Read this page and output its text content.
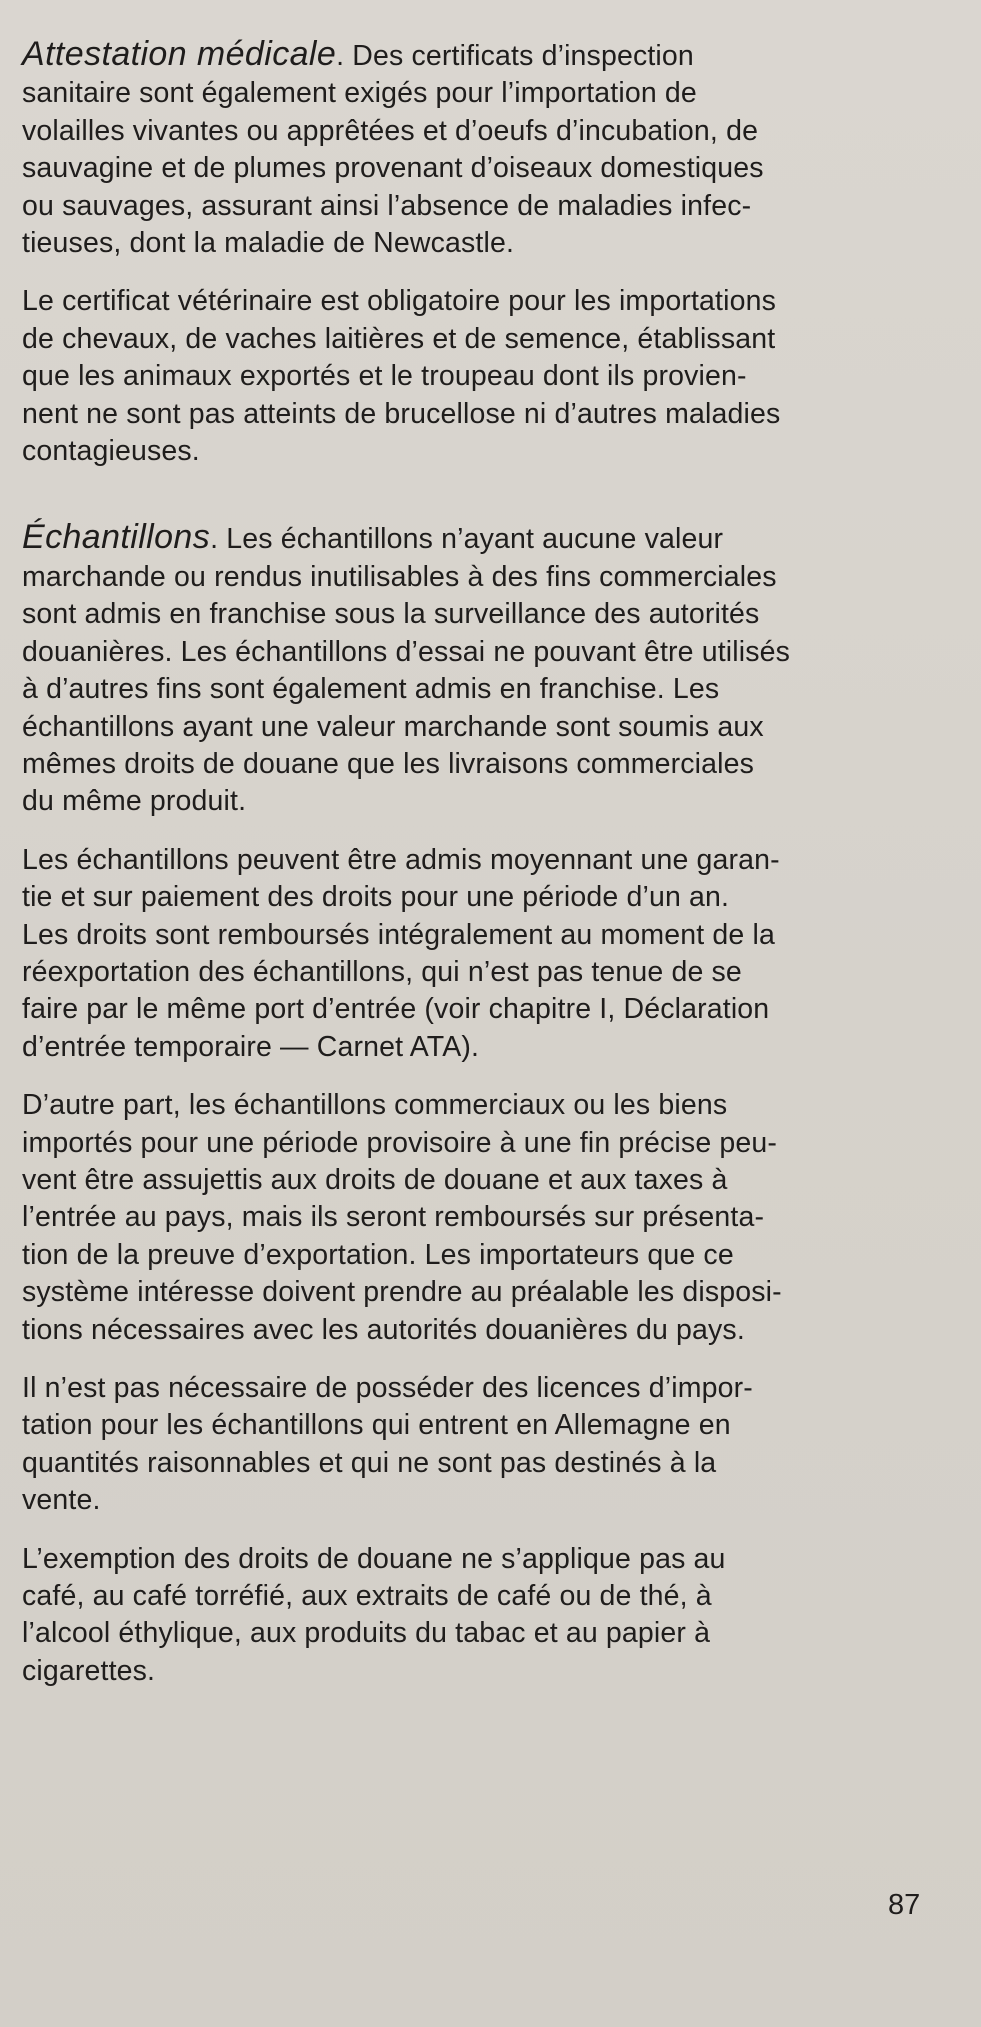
Attestation médicale. Des certificats d’inspection
sanitaire sont également exigés pour l’importation de
volailles vivantes ou apprêtées et d’oeufs d’incubation, de
sauvagine et de plumes provenant d’oiseaux domestiques
ou sauvages, assurant ainsi l’absence de maladies infec-
tieuses, dont la maladie de Newcastle.

Le certificat vétérinaire est obligatoire pour les importations
de chevaux, de vaches laitières et de semence, établissant
que les animaux exportés et le troupeau dont ils provien-
nent ne sont pas atteints de brucellose ni d’autres maladies
contagieuses.

Échantillons. Les échantillons n’ayant aucune valeur
marchande ou rendus inutilisables à des fins commerciales
sont admis en franchise sous la surveillance des autorités
douanières. Les échantillons d’essai ne pouvant être utilisés
à d’autres fins sont également admis en franchise. Les
échantillons ayant une valeur marchande sont soumis aux
mêmes droits de douane que les livraisons commerciales
du même produit.

Les échantillons peuvent être admis moyennant une garan-
tie et sur paiement des droits pour une période d’un an.
Les droits sont remboursés intégralement au moment de la
réexportation des échantillons, qui n’est pas tenue de se
faire par le même port d’entrée (voir chapitre I, Déclaration
d’entrée temporaire — Carnet ATA).

D’autre part, les échantillons commerciaux ou les biens
importés pour une période provisoire à une fin précise peu-
vent être assujettis aux droits de douane et aux taxes à
l’entrée au pays, mais ils seront remboursés sur présenta-
tion de la preuve d’exportation. Les importateurs que ce
système intéresse doivent prendre au préalable les disposi-
tions nécessaires avec les autorités douanières du pays.

Il n’est pas nécessaire de posséder des licences d’impor-
tation pour les échantillons qui entrent en Allemagne en
quantités raisonnables et qui ne sont pas destinés à la
vente.

L’exemption des droits de douane ne s’applique pas au
café, au café torréfié, aux extraits de café ou de thé, à
l’alcool éthylique, aux produits du tabac et au papier à
cigarettes.

87
